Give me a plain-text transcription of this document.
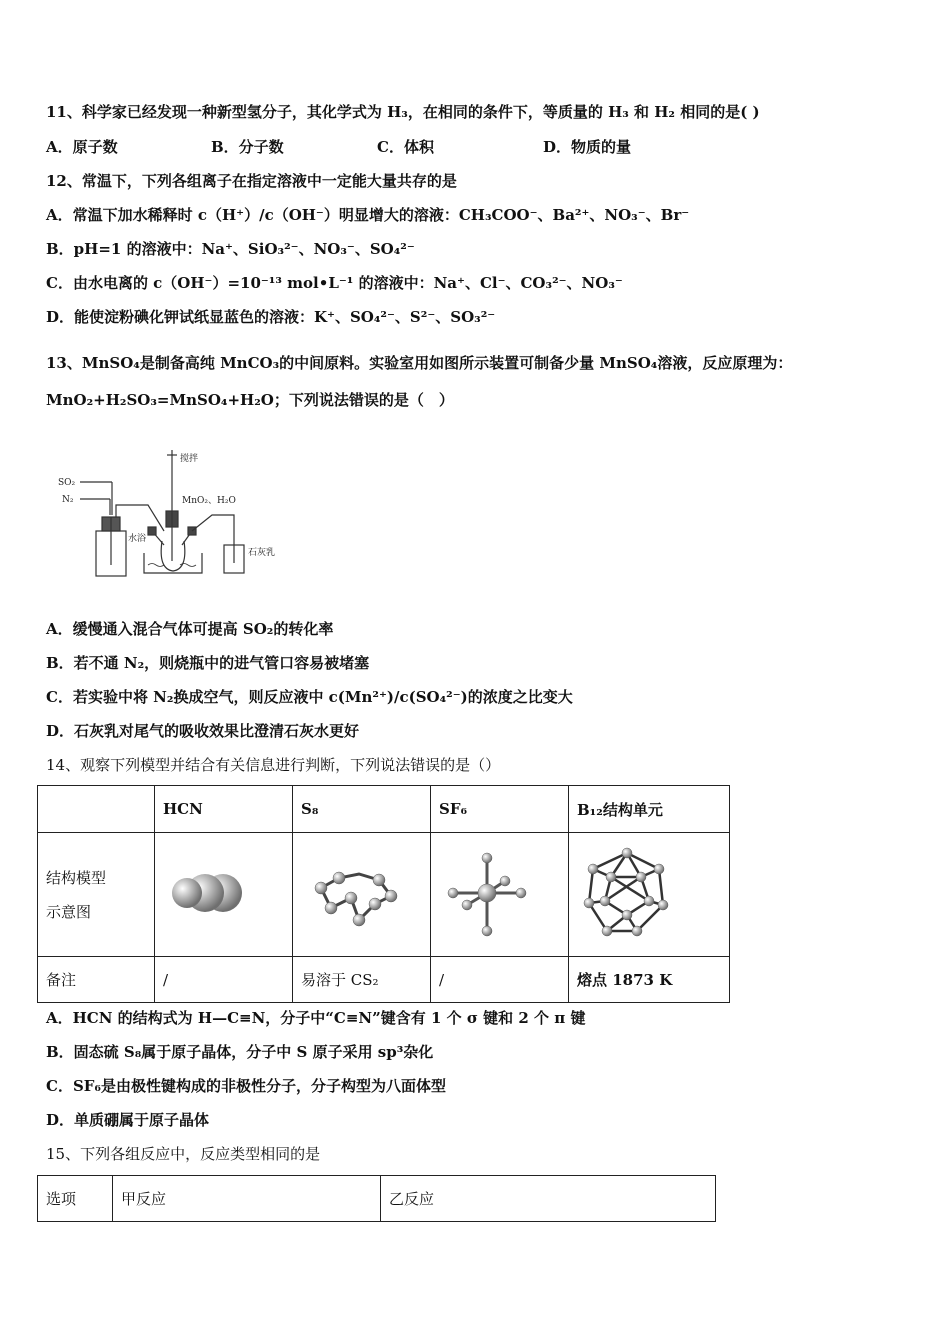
11、科学家已经发现一种新型氢分子，其化学式为 H₃，在相同的条件下，等质量的 H₃ 和 H₂ 相同的是( )
A．原子数	B．分子数	C．体积	D．物质的量
12、常温下，下列各组离子在指定溶液中一定能大量共存的是
A．常温下加水稀释时 c（H⁺）/c（OH⁻）明显增大的溶液：CH₃COO⁻、Ba²⁺、NO₃⁻、Br⁻
B．pH=1 的溶液中：Na⁺、SiO₃²⁻、NO₃⁻、SO₄²⁻
C．由水电离的 c（OH⁻）=10⁻¹³ mol•L⁻¹ 的溶液中：Na⁺、Cl⁻、CO₃²⁻、NO₃⁻
D．能使淀粉碘化钾试纸显蓝色的溶液：K⁺、SO₄²⁻、S²⁻、SO₃²⁻
13、MnSO₄是制备高纯 MnCO₃的中间原料。实验室用如图所示装置可制备少量 MnSO₄溶液，反应原理为：
MnO₂+H₂SO₃=MnSO₄+H₂O；下列说法错误的是（　）
SO₂
N₂
搅拌
MnO₂、H₂O
水浴
石灰乳
A．缓慢通入混合气体可提高 SO₂的转化率
B．若不通 N₂，则烧瓶中的进气管口容易被堵塞
C．若实验中将 N₂换成空气，则反应液中 c(Mn²⁺)/c(SO₄²⁻)的浓度之比变大
D．石灰乳对尾气的吸收效果比澄清石灰水更好
14、观察下列模型并结合有关信息进行判断，下列说法错误的是（）
	HCN	S₈	SF₆	B₁₂结构单元

结构模型
示意图

备注	/	易溶于 CS₂	/	熔点 1873 K
A．HCN 的结构式为 H—C≡N，分子中“C≡N”键含有 1 个 σ 键和 2 个 π 键
B．固态硫 S₈属于原子晶体，分子中 S 原子采用 sp³杂化
C．SF₆是由极性键构成的非极性分子，分子构型为八面体型
D．单质硼属于原子晶体
15、下列各组反应中，反应类型相同的是
选项	甲反应	乙反应
